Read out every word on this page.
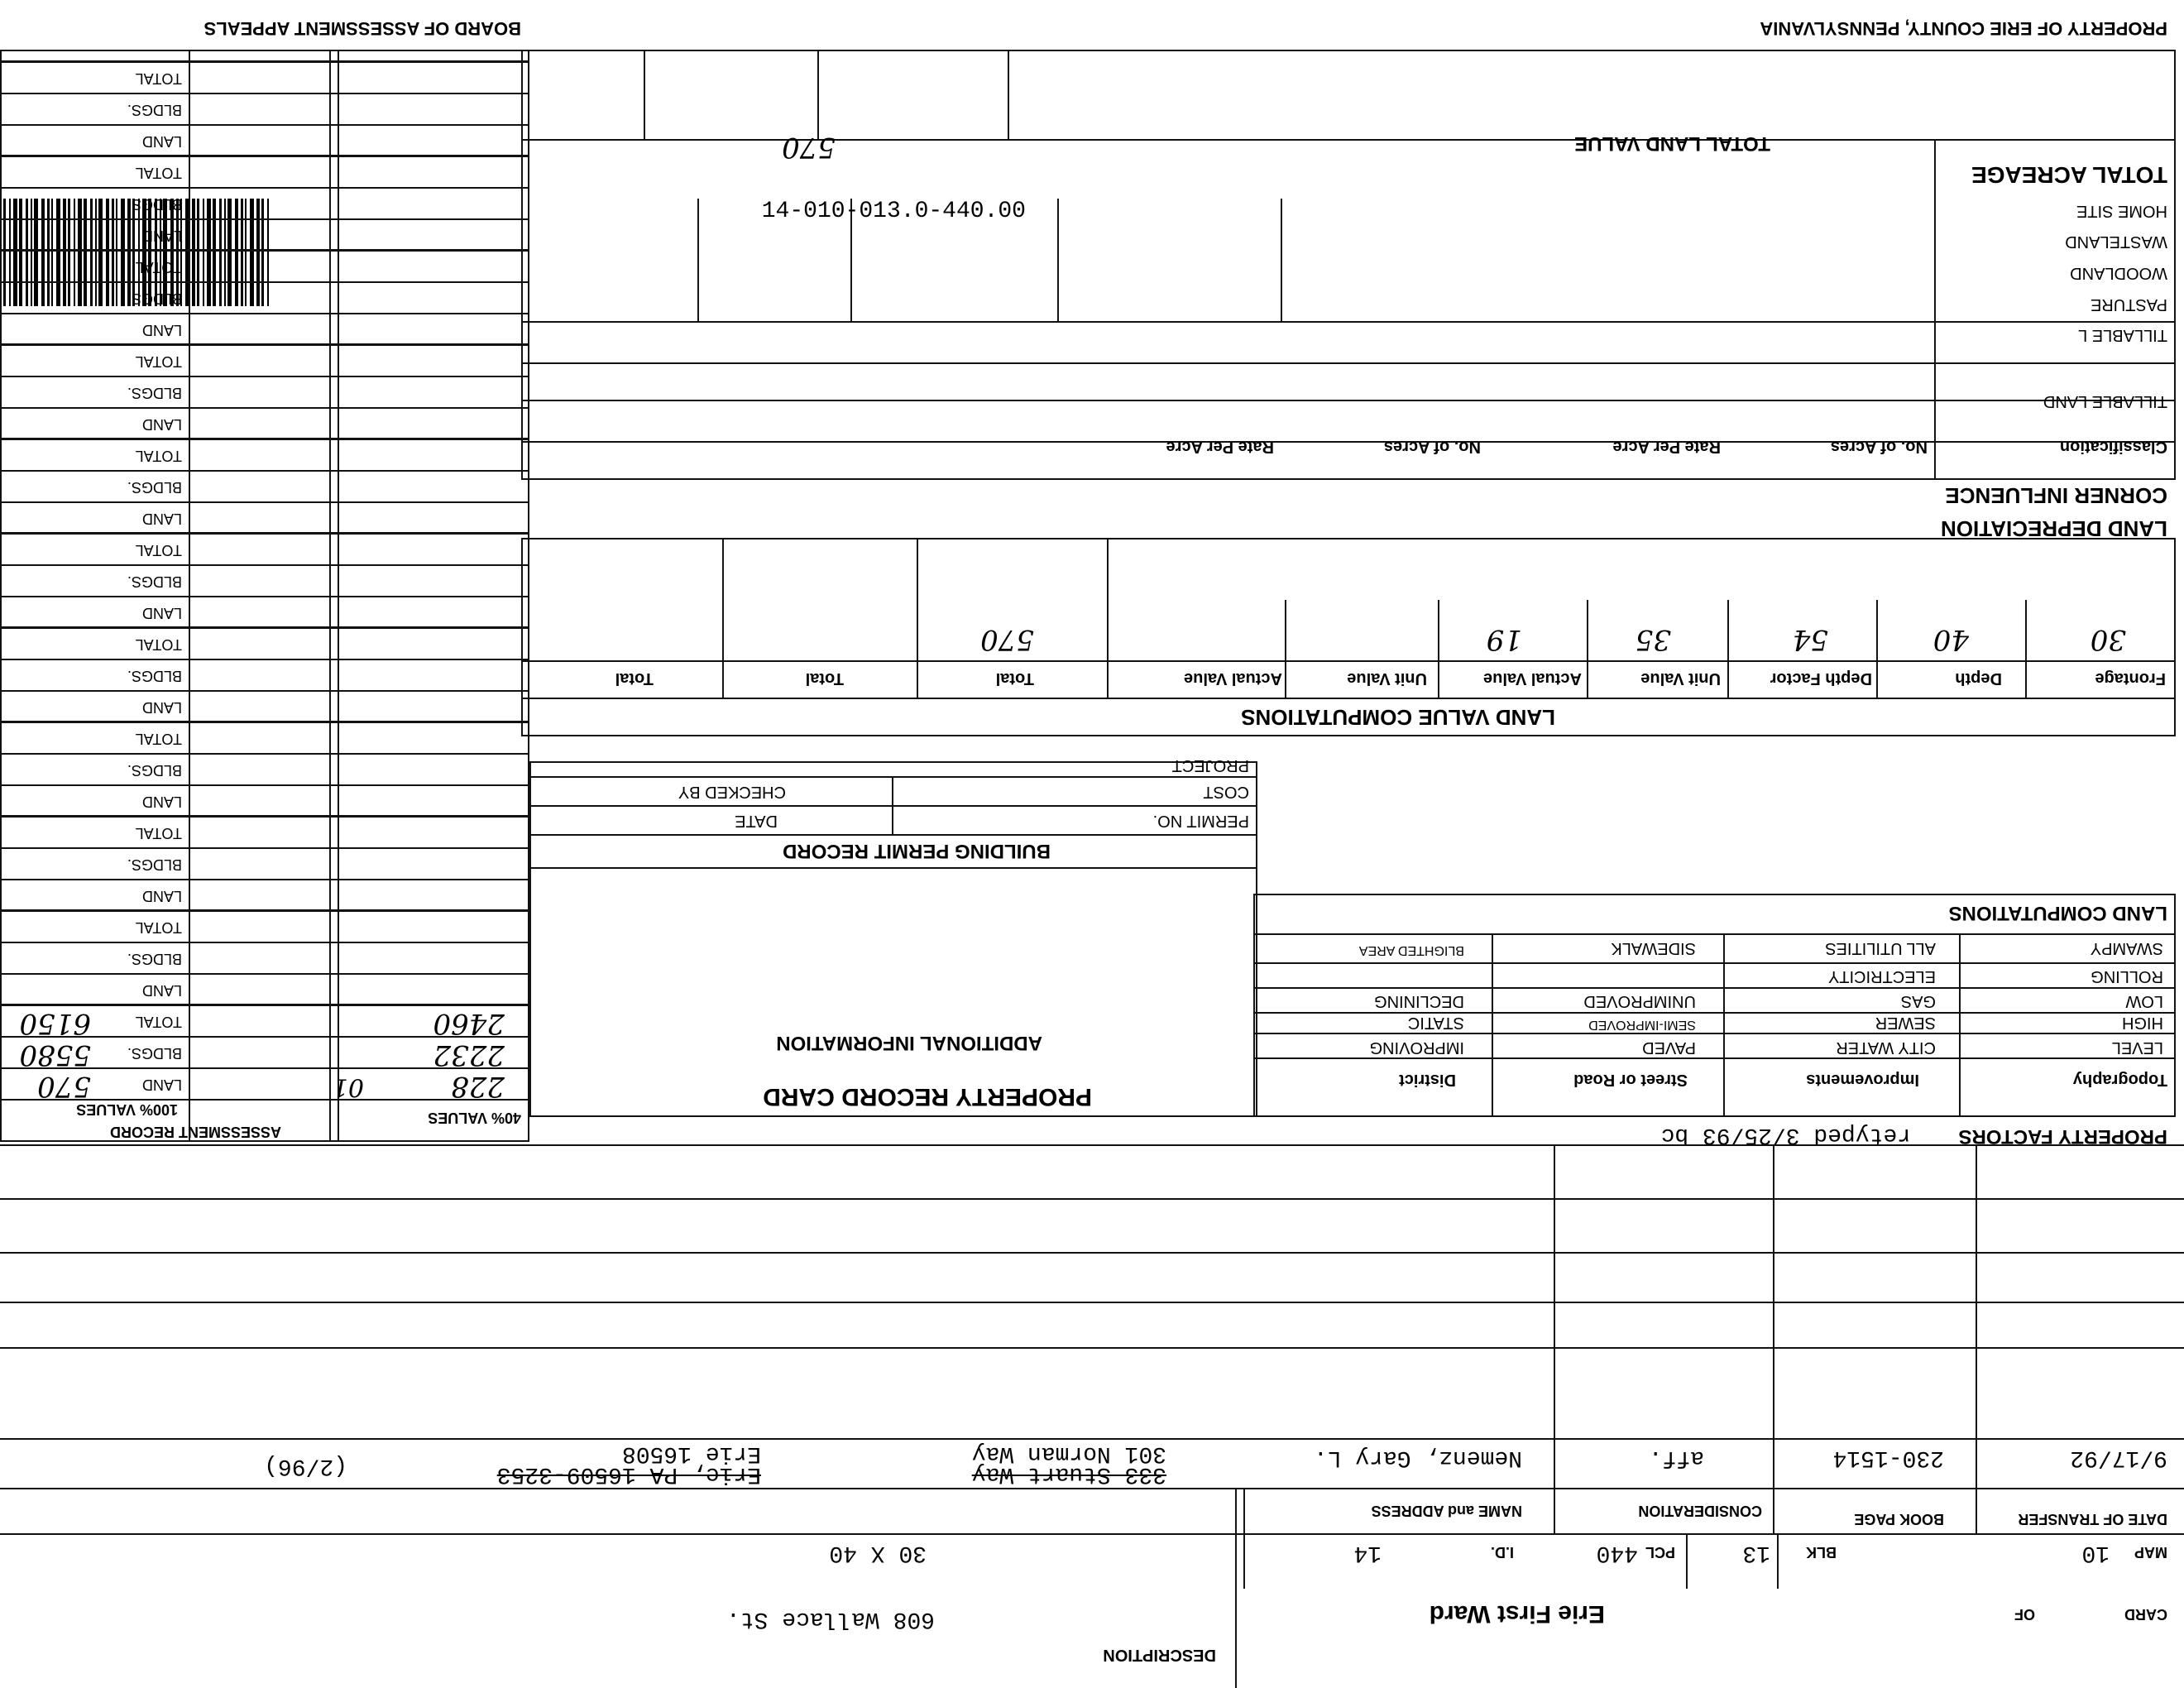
PROPERTY OF ERIE COUNTY, PENNSYLVANIA
BOARD OF ASSESSMENT APPEALS
TOTAL ACREAGE
TOTAL LAND VALUE
570
HOME SITE
WASTELAND
WOODLAND
PASTURE
TILLABLE L
TILLABLE LAND
Classification
No. of Acres
Rate Per Acre
No. of Acres
Rate Per Acre
CORNER INFLUENCE
LAND DEPRECIATION
14-010-013.0-440.00
LAND VALUE COMPUTATIONS
Frontage
Depth
Depth Factor
Unit Value
Actual Value
Unit Value
Actual Value
Total
Total
Total
30
40
54
35
19
570
PROPERTY FACTORS
retyped 3/25/93 bc
Topography
Improvements
Street or Road
District
LEVEL
HIGH
LOW
ROLLING
SWAMPY
CITY WATER
SEWER
GAS
ELECTRICITY
ALL UTILITIES
PAVED
SEMI-IMPROVED
UNIMPROVED
SIDEWALK
IMPROVING
STATIC
DECLINING
BLIGHTED AREA
LAND COMPUTATIONS
BUILDING PERMIT RECORD
PERMIT NO.
DATE
COST
CHECKED BY
PROJECT
PROPERTY RECORD CARD
ADDITIONAL INFORMATION
40% VALUES
100% VALUES
ASSESSMENT RECORD
LAND
BLDGS.
TOTAL
LAND
BLDGS.
TOTAL
LAND
BLDGS.
TOTAL
LAND
BLDGS.
TOTAL
LAND
BLDGS.
TOTAL
LAND
BLDGS.
TOTAL
LAND
BLDGS.
TOTAL
LAND
BLDGS.
TOTAL
LAND
BLDGS.
TOTAL
LAND
BLDGS.
TOTAL
LAND
BLDGS.
TOTAL
228
2232
2460
01
570
5580
6150
DATE OF TRANSFER
BOOK PAGE
CONSIDERATION
NAME and ADDRESS
9/17/92
230-1514
aff.
Nemenz, Gary L.
301 Norman Way
Erie 16508
333 Stuart Way
Erie, PA 16509-3253
(2/96)
MAP
10
BLK
13
PCL
440
I.D.
14
CARD
OF
Erie First Ward
30 X 40
DESCRIPTION
608 Wallace St.
